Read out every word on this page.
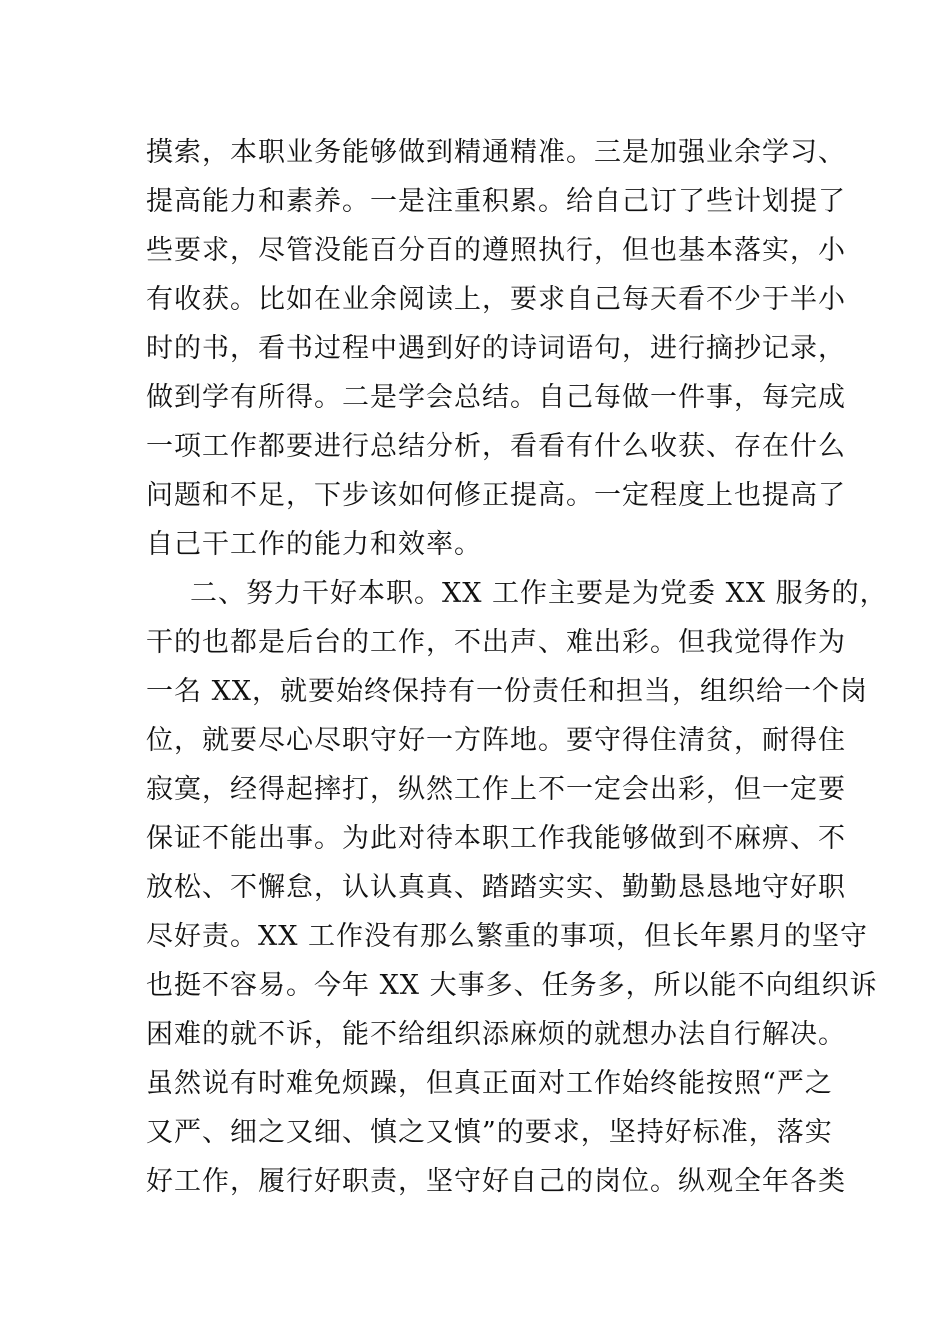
摸索，本职业务能够做到精通精准。三是加强业余学习、
提高能力和素养。一是注重积累。给自己订了些计划提了
些要求，尽管没能百分百的遵照执行，但也基本落实，小
有收获。比如在业余阅读上，要求自己每天看不少于半小
时的书，看书过程中遇到好的诗词语句，进行摘抄记录，
做到学有所得。二是学会总结。自己每做一件事，每完成
一项工作都要进行总结分析，看看有什么收获、存在什么
问题和不足，下步该如何修正提高。一定程度上也提高了
自己干工作的能力和效率。
二、努力干好本职。XX 工作主要是为党委 XX 服务的，
干的也都是后台的工作，不出声、难出彩。但我觉得作为
一名 XX，就要始终保持有一份责任和担当，组织给一个岗
位，就要尽心尽职守好一方阵地。要守得住清贫，耐得住
寂寞，经得起摔打，纵然工作上不一定会出彩，但一定要
保证不能出事。为此对待本职工作我能够做到不麻痹、不
放松、不懈怠，认认真真、踏踏实实、勤勤恳恳地守好职
尽好责。XX 工作没有那么繁重的事项，但长年累月的坚守
也挺不容易。今年 XX 大事多、任务多，所以能不向组织诉
困难的就不诉，能不给组织添麻烦的就想办法自行解决。
虽然说有时难免烦躁，但真正面对工作始终能按照“严之
又严、细之又细、慎之又慎”的要求，坚持好标准，落实
好工作，履行好职责，坚守好自己的岗位。纵观全年各类
